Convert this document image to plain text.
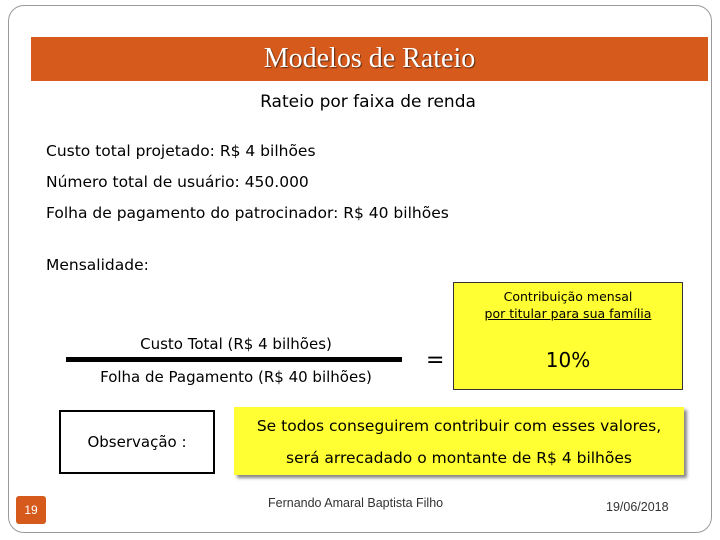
Modelos de Rateio
Rateio por faixa de renda
Custo total projetado: R$ 4 bilhões
Número total de usuário: 450.000
Folha de pagamento do patrocinador: R$ 40 bilhões
Mensalidade:
Custo Total (R$ 4 bilhões)
Folha de Pagamento (R$ 40 bilhões)
=
Contribuição mensal
por titular para sua família
10%
Observação :
Se todos conseguirem contribuir com esses valores,
será arrecadado o montante de R$ 4 bilhões
19	Fernando Amaral Baptista Filho	19/06/2018
